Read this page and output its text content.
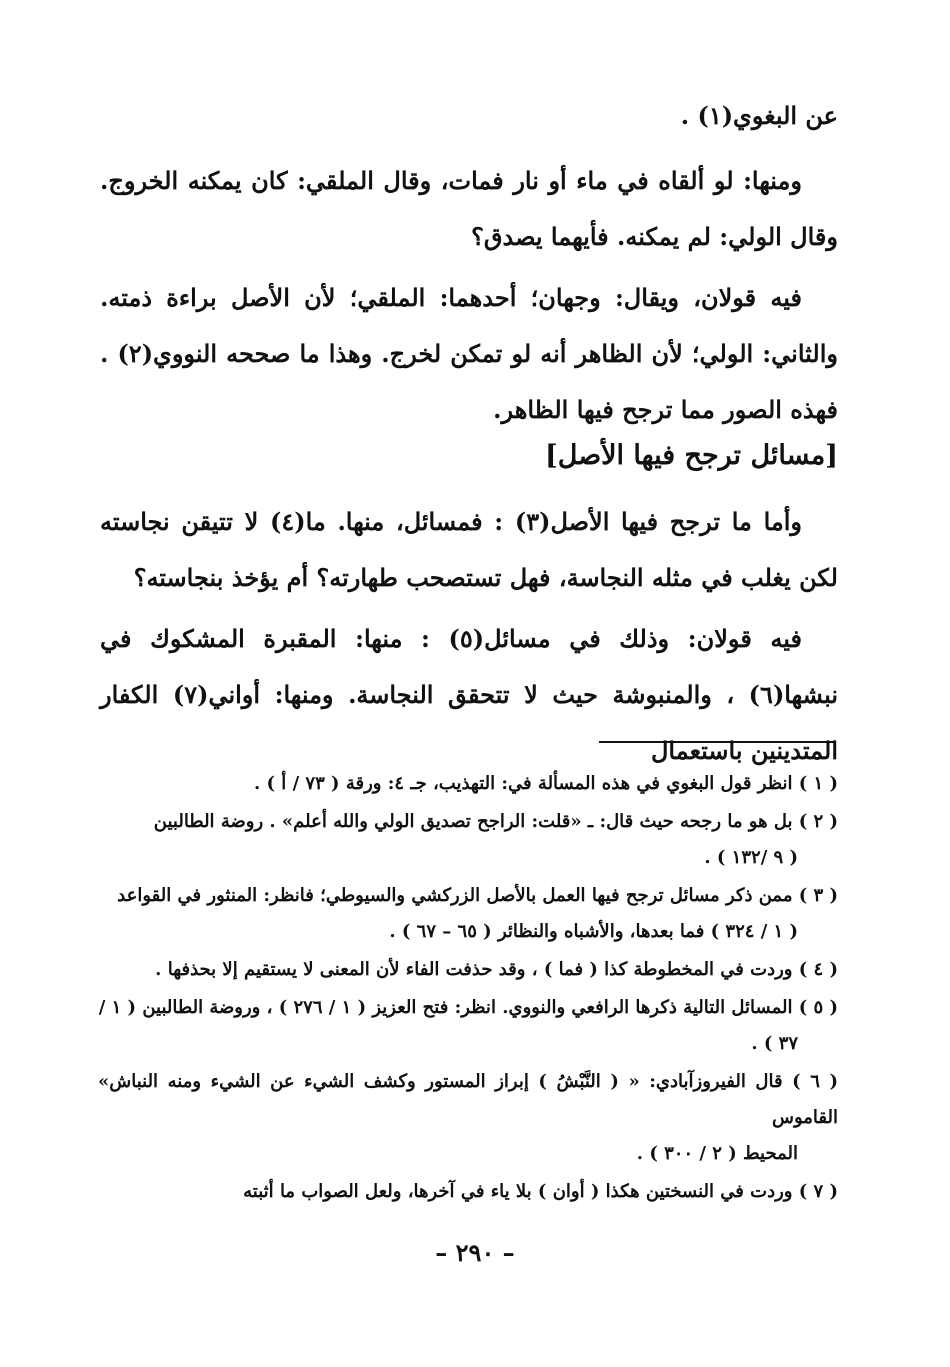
عن البغوي(١) .
ومنها: لو ألقاه في ماء أو نار فمات، وقال الملقي: كان يمكنه الخروج. وقال الولي: لم يمكنه. فأيهما يصدق؟
فيه قولان، ويقال: وجهان؛ أحدهما: الملقي؛ لأن الأصل براءة ذمته. والثاني: الولي؛ لأن الظاهر أنه لو تمكن لخرج. وهذا ما صححه النووي(٢) . فهذه الصور مما ترجح فيها الظاهر.
[مسائل ترجح فيها الأصل]
وأما ما ترجح فيها الأصل(٣) : فمسائل، منها. ما(٤) لا تتيقن نجاسته لكن يغلب في مثله النجاسة، فهل تستصحب طهارته؟ أم يؤخذ بنجاسته؟
فيه قولان: وذلك في مسائل(٥) : منها: المقبرة المشكوك في نبشها(٦) ، والمنبوشة حيث لا تتحقق النجاسة. ومنها: أواني(٧) الكفار المتدينين باستعمال
( ١ ) انظر قول البغوي في هذه المسألة في: التهذيب، جـ ٤: ورقة ( ٧٣ / أ ) .
( ٢ ) بل هو ما رجحه حيث قال: ـ «قلت: الراجح تصديق الولي والله أعلم» . روضة الطالبين
( ٩ /١٣٢ ) .
( ٣ ) ممن ذكر مسائل ترجح فيها العمل بالأصل الزركشي والسيوطي؛ فانظر: المنثور في القواعد
( ١ / ٣٢٤ ) فما بعدها، والأشباه والنظائر ( ٦٥ – ٦٧ ) .
( ٤ ) وردت في المخطوطة كذا ( فما ) ، وقد حذفت الفاء لأن المعنى لا يستقيم إلا بحذفها .
( ٥ ) المسائل التالية ذكرها الرافعي والنووي. انظر: فتح العزيز ( ١ / ٢٧٦ ) ، وروضة الطالبين ( ١ /
٣٧ ) .
( ٦ ) قال الفيروزآبادي: « ( النَّبْشُ ) إبراز المستور وكشف الشيء عن الشيء ومنه النباش» القاموس
المحيط ( ٢ / ٣٠٠ ) .
( ٧ ) وردت في النسختين هكذا ( أوان ) بلا ياء في آخرها، ولعل الصواب ما أثبته
– ٢٩٠ –
